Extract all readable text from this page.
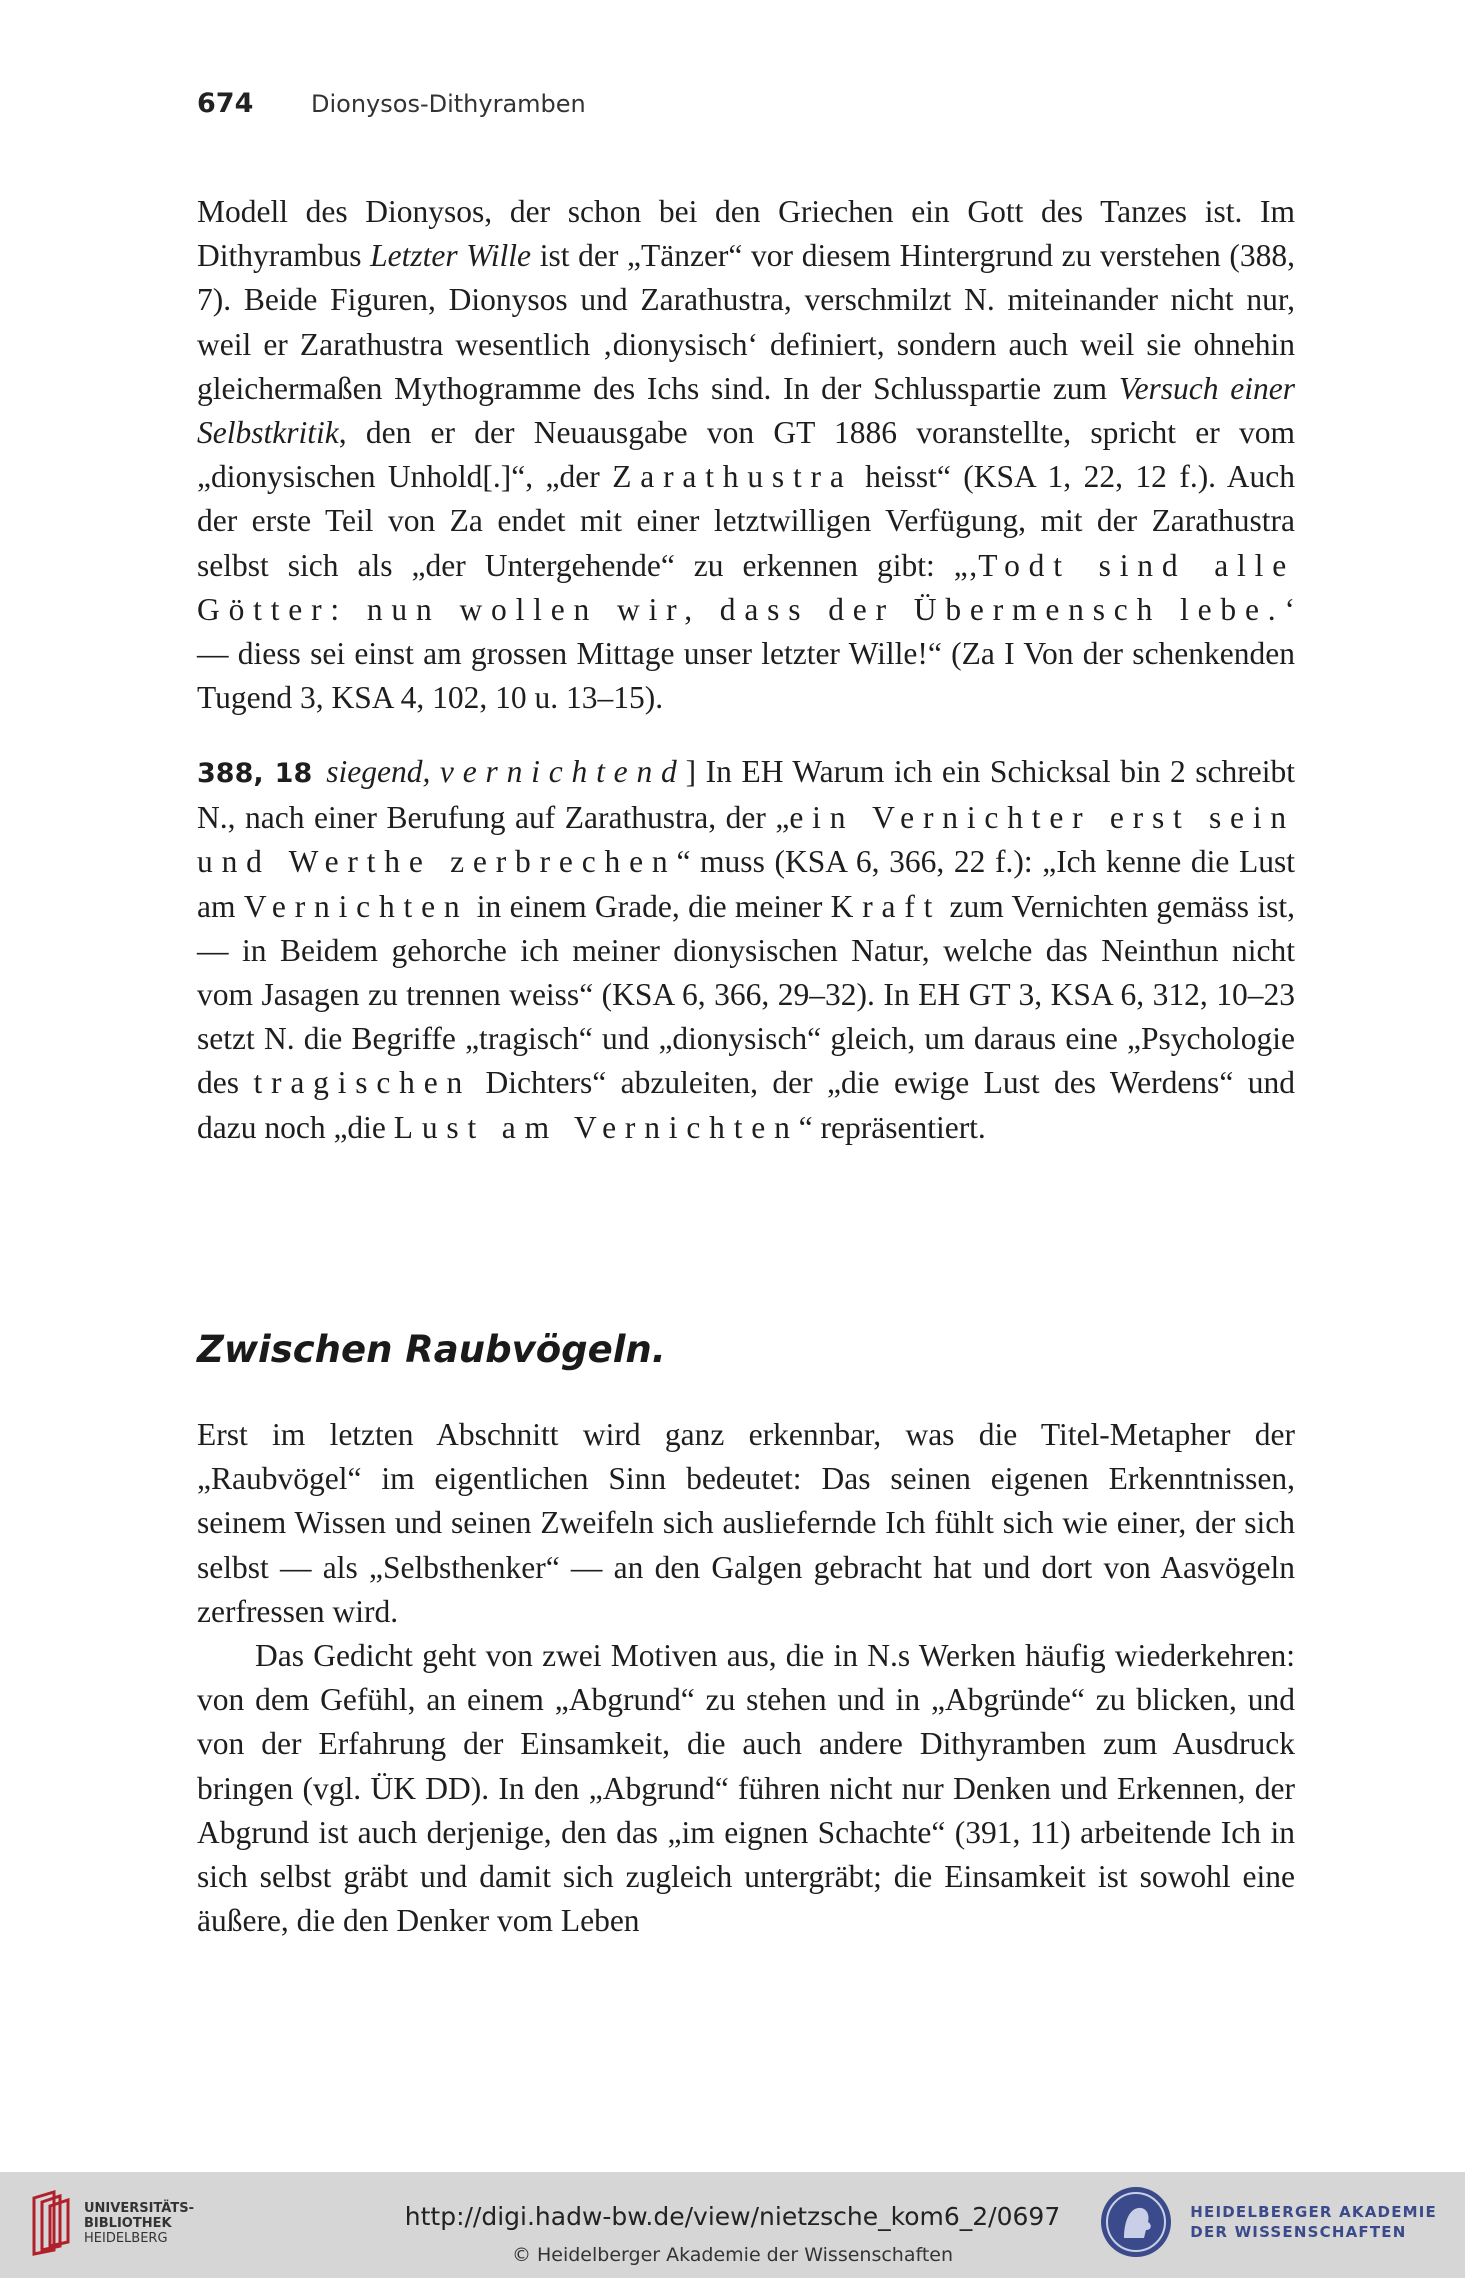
674 Dionysos-Dithyramben

Modell des Dionysos, der schon bei den Griechen ein Gott des Tanzes ist. Im Dithyrambus Letzter Wille ist der „Tänzer“ vor diesem Hintergrund zu verstehen (388, 7). Beide Figuren, Dionysos und Zarathustra, verschmilzt N. miteinander nicht nur, weil er Zarathustra wesentlich ‚dionysisch‘ definiert, sondern auch weil sie ohnehin gleichermaßen Mythogramme des Ichs sind. In der Schlusspartie zum Versuch einer Selbstkritik, den er der Neuausgabe von GT 1886 voranstellte, spricht er vom „dionysischen Unhold[.]“, „der Zarathustra heisst“ (KSA 1, 22, 12 f.). Auch der erste Teil von Za endet mit einer letztwilligen Verfügung, mit der Zarathustra selbst sich als „der Untergehende“ zu erkennen gibt: „‚Todt sind alle Götter: nun wollen wir, dass der Übermensch lebe.‘ — diess sei einst am grossen Mittage unser letzter Wille!“ (Za I Von der schenkenden Tugend 3, KSA 4, 102, 10 u. 13–15).

388, 18 siegend, vernichtend] In EH Warum ich ein Schicksal bin 2 schreibt N., nach einer Berufung auf Zarathustra, der „ein Vernichter erst sein und Werthe zerbrechen“ muss (KSA 6, 366, 22 f.): „Ich kenne die Lust am Vernichten in einem Grade, die meiner Kraft zum Vernichten gemäss ist, — in Beidem gehorche ich meiner dionysischen Natur, welche das Neinthun nicht vom Jasagen zu trennen weiss“ (KSA 6, 366, 29–32). In EH GT 3, KSA 6, 312, 10–23 setzt N. die Begriffe „tragisch“ und „dionysisch“ gleich, um daraus eine „Psychologie des tragischen Dichters“ abzuleiten, der „die ewige Lust des Werdens“ und dazu noch „die Lust am Vernichten“ repräsentiert.

Zwischen Raubvögeln.

Erst im letzten Abschnitt wird ganz erkennbar, was die Titel-Metapher der „Raubvögel“ im eigentlichen Sinn bedeutet: Das seinen eigenen Erkenntnissen, seinem Wissen und seinen Zweifeln sich ausliefernde Ich fühlt sich wie einer, der sich selbst — als „Selbsthenker“ — an den Galgen gebracht hat und dort von Aasvögeln zerfressen wird.

Das Gedicht geht von zwei Motiven aus, die in N.s Werken häufig wiederkehren: von dem Gefühl, an einem „Abgrund“ zu stehen und in „Abgründe“ zu blicken, und von der Erfahrung der Einsamkeit, die auch andere Dithyramben zum Ausdruck bringen (vgl. ÜK DD). In den „Abgrund“ führen nicht nur Denken und Erkennen, der Abgrund ist auch derjenige, den das „im eignen Schachte“ (391, 11) arbeitende Ich in sich selbst gräbt und damit sich zugleich untergräbt; die Einsamkeit ist sowohl eine äußere, die den Denker vom Leben

UNIVERSITÄTS-
BIBLIOTHEK
HEIDELBERG
http://digi.hadw-bw.de/view/nietzsche_kom6_2/0697
© Heidelberger Akademie der Wissenschaften
HEIDELBERGER AKADEMIE
DER WISSENSCHAFTEN
